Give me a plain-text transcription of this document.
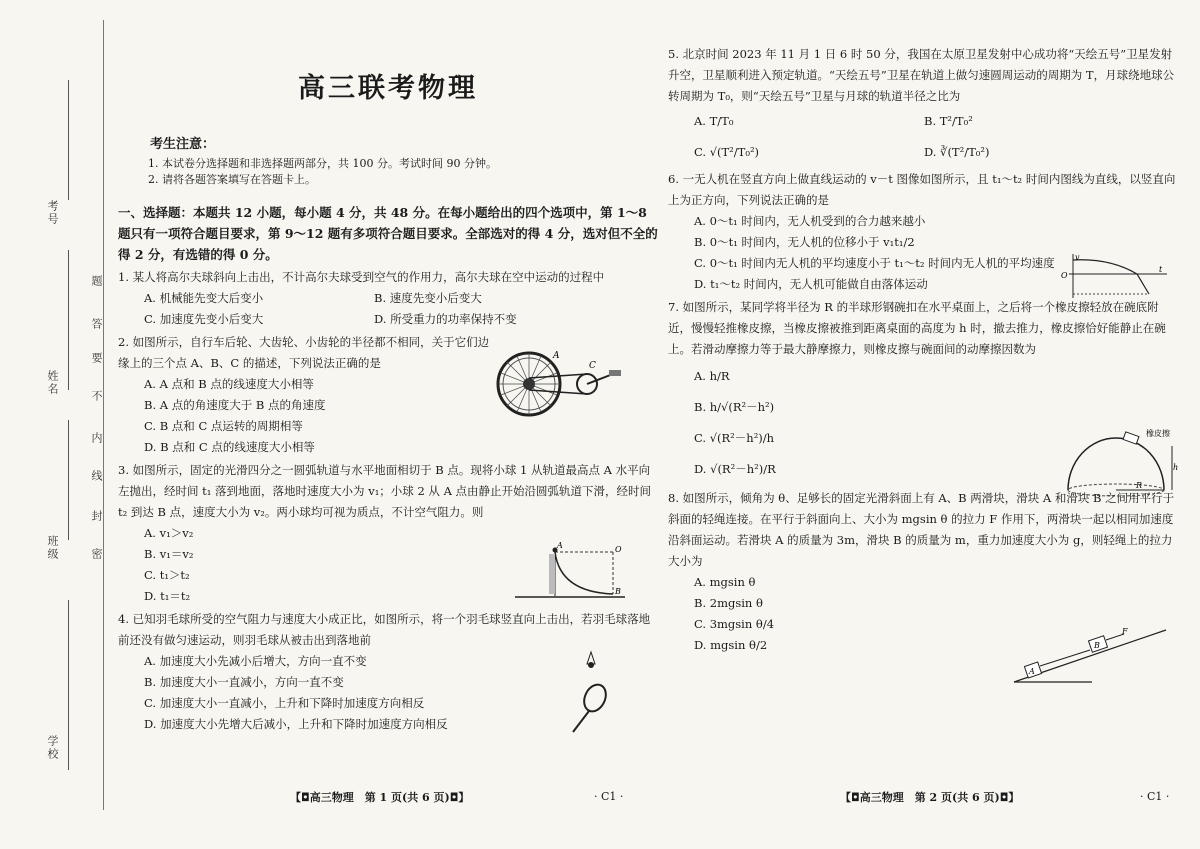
考号
姓名
班级
学校
题
答
要
不
内
线
封
密
高三联考物理
考生注意：
1. 本试卷分选择题和非选择题两部分，共 100 分。考试时间 90 分钟。
2. 请将各题答案填写在答题卡上。
一、选择题：本题共 12 小题，每小题 4 分，共 48 分。在每小题给出的四个选项中，第 1～8 题只有一项符合题目要求，第 9～12 题有多项符合题目要求。全部选对的得 4 分，选对但不全的得 2 分，有选错的得 0 分。
1. 某人将高尔夫球斜向上击出，不计高尔夫球受到空气的作用力，高尔夫球在空中运动的过程中
A. 机械能先变大后变小	B. 速度先变小后变大
C. 加速度先变小后变大	D. 所受重力的功率保持不变
2. 如图所示，自行车后轮、大齿轮、小齿轮的半径都不相同，关于它们边缘上的三个点 A、B、C 的描述，下列说法正确的是
A. A 点和 B 点的线速度大小相等
B. A 点的角速度大于 B 点的角速度
C. B 点和 C 点运转的周期相等
D. B 点和 C 点的线速度大小相等
3. 如图所示，固定的光滑四分之一圆弧轨道与水平地面相切于 B 点。现将小球 1 从轨道最高点 A 水平向左抛出，经时间 t₁ 落到地面，落地时速度大小为 v₁；小球 2 从 A 点由静止开始沿圆弧轨道下滑，经时间 t₂ 到达 B 点，速度大小为 v₂。两小球均可视为质点，不计空气阻力。则
A. v₁＞v₂
B. v₁＝v₂
C. t₁＞t₂
D. t₁＝t₂
4. 已知羽毛球所受的空气阻力与速度大小成正比，如图所示，将一个羽毛球竖直向上击出，若羽毛球落地前还没有做匀速运动，则羽毛球从被击出到落地前
A. 加速度大小先减小后增大，方向一直不变
B. 加速度大小一直减小，方向一直不变
C. 加速度大小一直减小，上升和下降时加速度方向相反
D. 加速度大小先增大后减小，上升和下降时加速度方向相反
A
C
A	O
B
【◘高三物理　第 1 页(共 6 页)◘】	· C1 ·
5. 北京时间 2023 年 11 月 1 日 6 时 50 分，我国在太原卫星发射中心成功将“天绘五号”卫星发射升空，卫星顺利进入预定轨道。“天绘五号”卫星在轨道上做匀速圆周运动的周期为 T，月球绕地球公转周期为 T₀，则“天绘五号”卫星与月球的轨道半径之比为
A. T/T₀	B. T²/T₀²
C. √(T²/T₀²)	D. ∛(T²/T₀²)
6. 一无人机在竖直方向上做直线运动的 v－t 图像如图所示，且 t₁～t₂ 时间内图线为直线，以竖直向上为正方向，下列说法正确的是
A. 0～t₁ 时间内，无人机受到的合力越来越小
B. 0～t₁ 时间内，无人机的位移小于 v₁t₁/2
C. 0～t₁ 时间内无人机的平均速度小于 t₁～t₂ 时间内无人机的平均速度
D. t₁～t₂ 时间内，无人机可能做自由落体运动
7. 如图所示，某同学将半径为 R 的半球形钢碗扣在水平桌面上，之后将一个橡皮擦轻放在碗底附近，慢慢轻推橡皮擦，当橡皮擦被推到距离桌面的高度为 h 时，撤去推力，橡皮擦恰好能静止在碗上。若滑动摩擦力等于最大静摩擦力，则橡皮擦与碗面间的动摩擦因数为
A. h/R
B. h/√(R²－h²)
C. √(R²－h²)/h
D. √(R²－h²)/R
8. 如图所示，倾角为 θ、足够长的固定光滑斜面上有 A、B 两滑块，滑块 A 和滑块 B 之间用平行于斜面的轻绳连接。在平行于斜面向上、大小为 mgsin θ 的拉力 F 作用下，两滑块一起以相同加速度沿斜面运动。若滑块 A 的质量为 3m，滑块 B 的质量为 m，重力加速度大小为 g，则轻绳上的拉力大小为
A. mgsin θ
B. 2mgsin θ
C. 3mgsin θ/4
D. mgsin θ/2
v
t
O
橡皮擦
h
R
A
B
F
【◘高三物理　第 2 页(共 6 页)◘】	· C1 ·
